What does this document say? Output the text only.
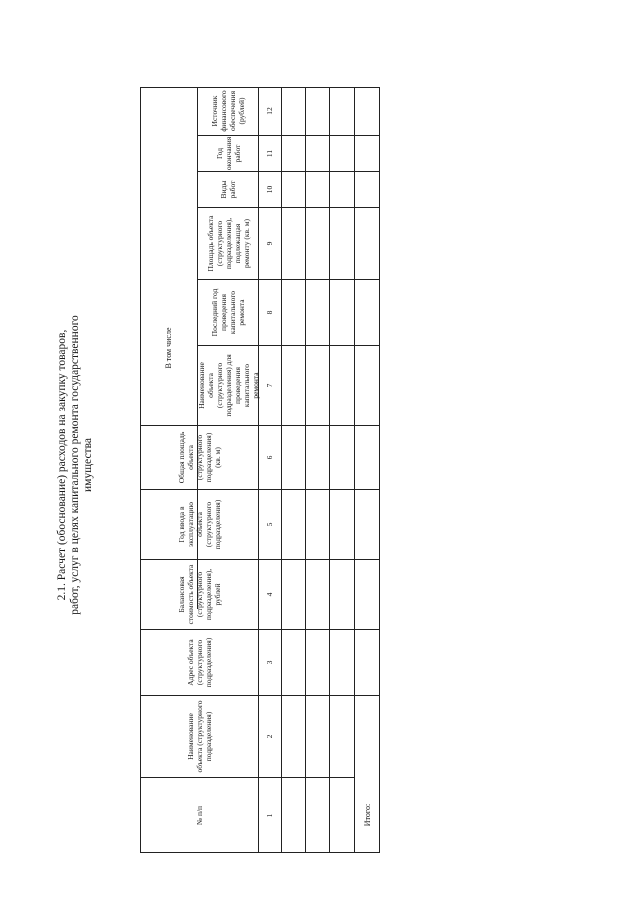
2.1. Расчет (обоснование) расходов на закупку товаров, работ, услуг в целях капитального ремонта государственного имущества
№ п/п
Наименование объекта (структурного подразделения)
Адрес объекта (структурного подразделения)
Балансовая стоимость объекта (структурного подразделения), рублей
Год ввода в эксплуатацию объекта (структурного подразделения)
Общая площадь объекта (структурного подразделения) (кв. м)
В том числе
Наименование объекта (структурного подразделения) для проведения капитального ремонта
Последний год проведения капитального ремонта
Площадь объекта (структурного подразделения), подлежащая ремонту (кв. м)
Виды работ
Год окончания работ
Источник финансового обеспечения (рублей)
1
2
3
4
5
6
7
8
9
10
11
12
Итого:
